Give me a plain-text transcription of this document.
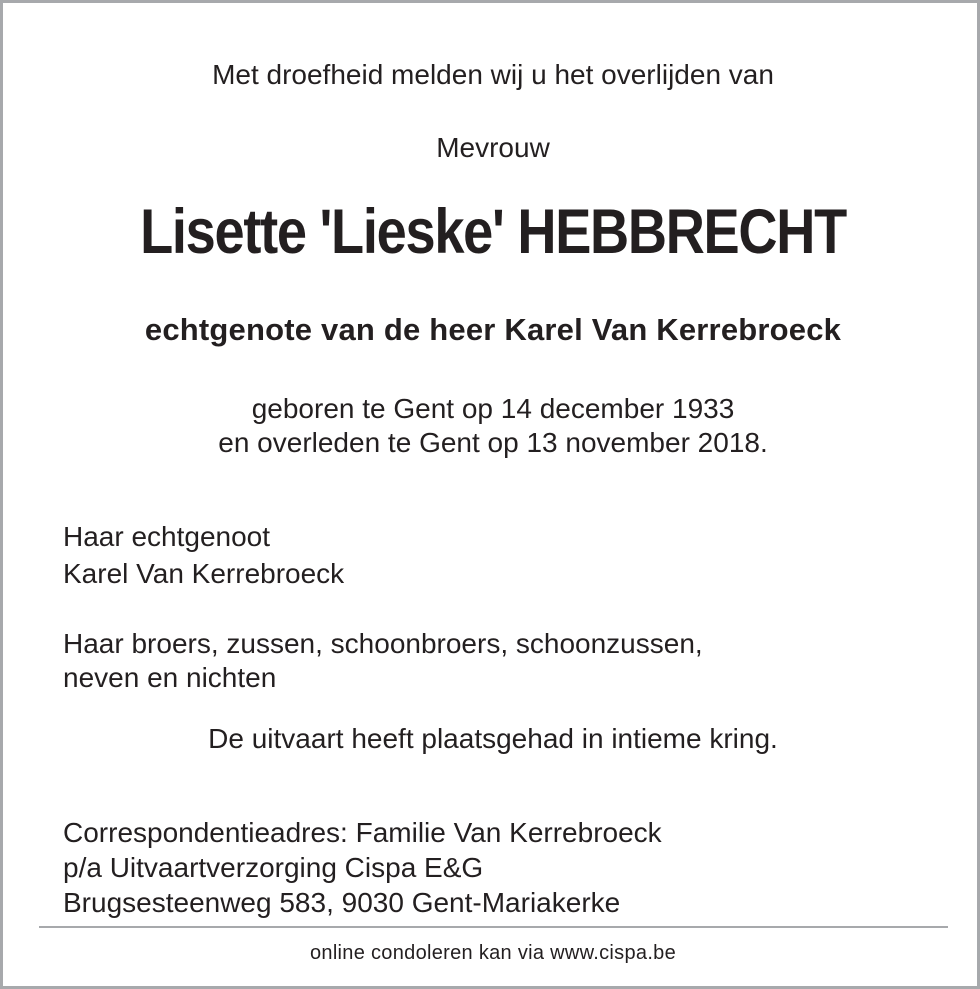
Met droefheid melden wij u het overlijden van
Mevrouw
Lisette 'Lieske' HEBBRECHT
echtgenote van de heer Karel Van Kerrebroeck
geboren te Gent op 14 december 1933
en overleden te Gent op 13 november 2018.
Haar echtgenoot
Karel Van Kerrebroeck
Haar broers, zussen, schoonbroers, schoonzussen,
neven en nichten
De uitvaart heeft plaatsgehad in intieme kring.
Correspondentieadres: Familie Van Kerrebroeck
p/a Uitvaartverzorging Cispa E&G
Brugsesteenweg 583, 9030 Gent-Mariakerke
online condoleren kan via www.cispa.be
